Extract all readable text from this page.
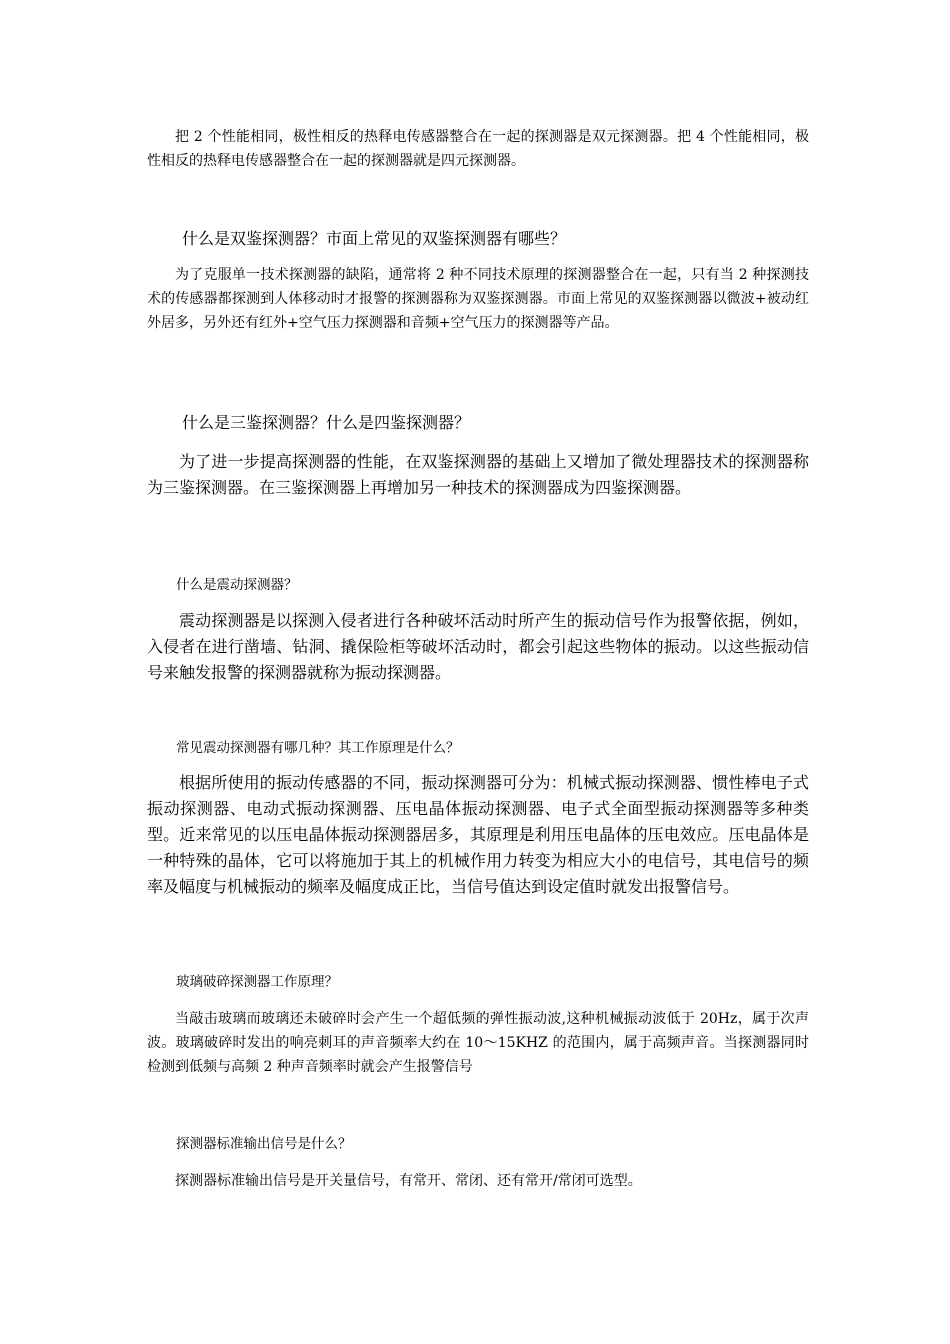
把 2 个性能相同，极性相反的热释电传感器整合在一起的探测器是双元探测器。把 4 个性能相同，极性相反的热释电传感器整合在一起的探测器就是四元探测器。

什么是双鉴探测器？市面上常见的双鉴探测器有哪些？

为了克服单一技术探测器的缺陷，通常将 2 种不同技术原理的探测器整合在一起，只有当 2 种探测技术的传感器都探测到人体移动时才报警的探测器称为双鉴探测器。市面上常见的双鉴探测器以微波+被动红外居多，另外还有红外+空气压力探测器和音频+空气压力的探测器等产品。

什么是三鉴探测器？什么是四鉴探测器？

为了进一步提高探测器的性能，在双鉴探测器的基础上又增加了微处理器技术的探测器称为三鉴探测器。在三鉴探测器上再增加另一种技术的探测器成为四鉴探测器。

什么是震动探测器？

震动探测器是以探测入侵者进行各种破坏活动时所产生的振动信号作为报警依据，例如，入侵者在进行凿墙、钻洞、撬保险柜等破坏活动时，都会引起这些物体的振动。以这些振动信号来触发报警的探测器就称为振动探测器。

常见震动探测器有哪几种？其工作原理是什么？

根据所使用的振动传感器的不同，振动探测器可分为：机械式振动探测器、惯性棒电子式振动探测器、电动式振动探测器、压电晶体振动探测器、电子式全面型振动探测器等多种类型。近来常见的以压电晶体振动探测器居多，其原理是利用压电晶体的压电效应。压电晶体是一种特殊的晶体，它可以将施加于其上的机械作用力转变为相应大小的电信号，其电信号的频率及幅度与机械振动的频率及幅度成正比，当信号值达到设定值时就发出报警信号。

玻璃破碎探测器工作原理？

当敲击玻璃而玻璃还未破碎时会产生一个超低频的弹性振动波,这种机械振动波低于 20Hz，属于次声波。玻璃破碎时发出的响亮刺耳的声音频率大约在 10～15KHZ 的范围内，属于高频声音。当探测器同时检测到低频与高频 2 种声音频率时就会产生报警信号

探测器标准输出信号是什么？

探测器标准输出信号是开关量信号，有常开、常闭、还有常开/常闭可选型。
